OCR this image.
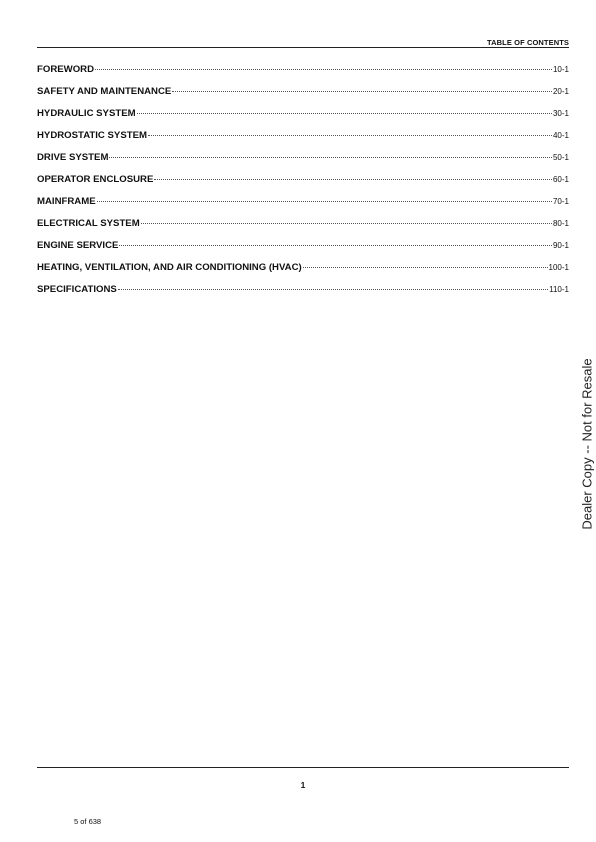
TABLE OF CONTENTS
FOREWORD	10-1
SAFETY AND MAINTENANCE	20-1
HYDRAULIC SYSTEM	30-1
HYDROSTATIC SYSTEM	40-1
DRIVE SYSTEM	50-1
OPERATOR ENCLOSURE	60-1
MAINFRAME	70-1
ELECTRICAL SYSTEM	80-1
ENGINE SERVICE	90-1
HEATING, VENTILATION, AND AIR CONDITIONING (HVAC)	100-1
SPECIFICATIONS	110-1
Dealer Copy -- Not for Resale
1
5 of 638
